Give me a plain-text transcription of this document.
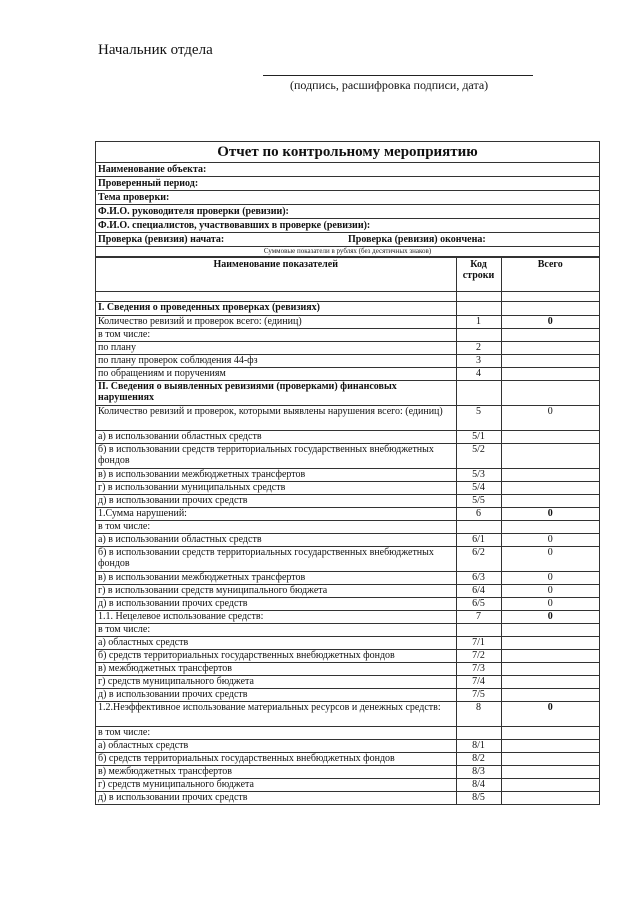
Начальник отдела
(подпись, расшифровка подписи, дата)
Отчет по контрольному мероприятию
Наименование объекта:
Проверенный период:
Тема проверки:
Ф.И.О. руководителя проверки (ревизии):
Ф.И.О. специалистов, участвовавших в проверке (ревизии):
Проверка (ревизия) начата:	Проверка (ревизия) окончена:
Суммовые показатели в рублях (без десятичных знаков)
Наименование показателей	Код строки	Всего

I. Сведения о проведенных проверках (ревизиях)		
Количество ревизий и проверок всего: (единиц)	1	0
в том числе:		
по плану	2	
по плану проверок соблюдения 44-фз	3	
по обращениям и поручениям	4	
II. Сведения о выявленных ревизиями (проверками) финансовых нарушениях		
Количество ревизий и проверок, которыми выявлены нарушения всего: (единиц)	5	0
а) в использовании областных средств	5/1	
б) в использовании средств территориальных государственных внебюджетных фондов	5/2	
в) в использовании межбюджетных трансфертов	5/3	
г) в использовании муниципальных средств	5/4	
д) в использовании прочих средств	5/5	
1.Сумма нарушений:	6	0
в том числе:		
а) в использовании областных средств	6/1	0
б) в использовании средств территориальных государственных внебюджетных фондов	6/2	0
в) в использовании межбюджетных трансфертов	6/3	0
г) в использовании средств муниципального бюджета	6/4	0
д) в использовании прочих средств	6/5	0
1.1. Нецелевое использование средств:	7	0
в том числе:		
а) областных средств	7/1	
б) средств территориальных государственных внебюджетных фондов	7/2	
в) межбюджетных трансфертов	7/3	
г) средств муниципального бюджета	7/4	
д) в использовании прочих средств	7/5	
1.2.Неэффективное использование материальных ресурсов и денежных средств:	8	0
в том числе:		
а) областных средств	8/1	
б) средств территориальных государственных внебюджетных фондов	8/2	
в) межбюджетных трансфертов	8/3	
г) средств муниципального бюджета	8/4	
д) в использовании прочих средств	8/5	
